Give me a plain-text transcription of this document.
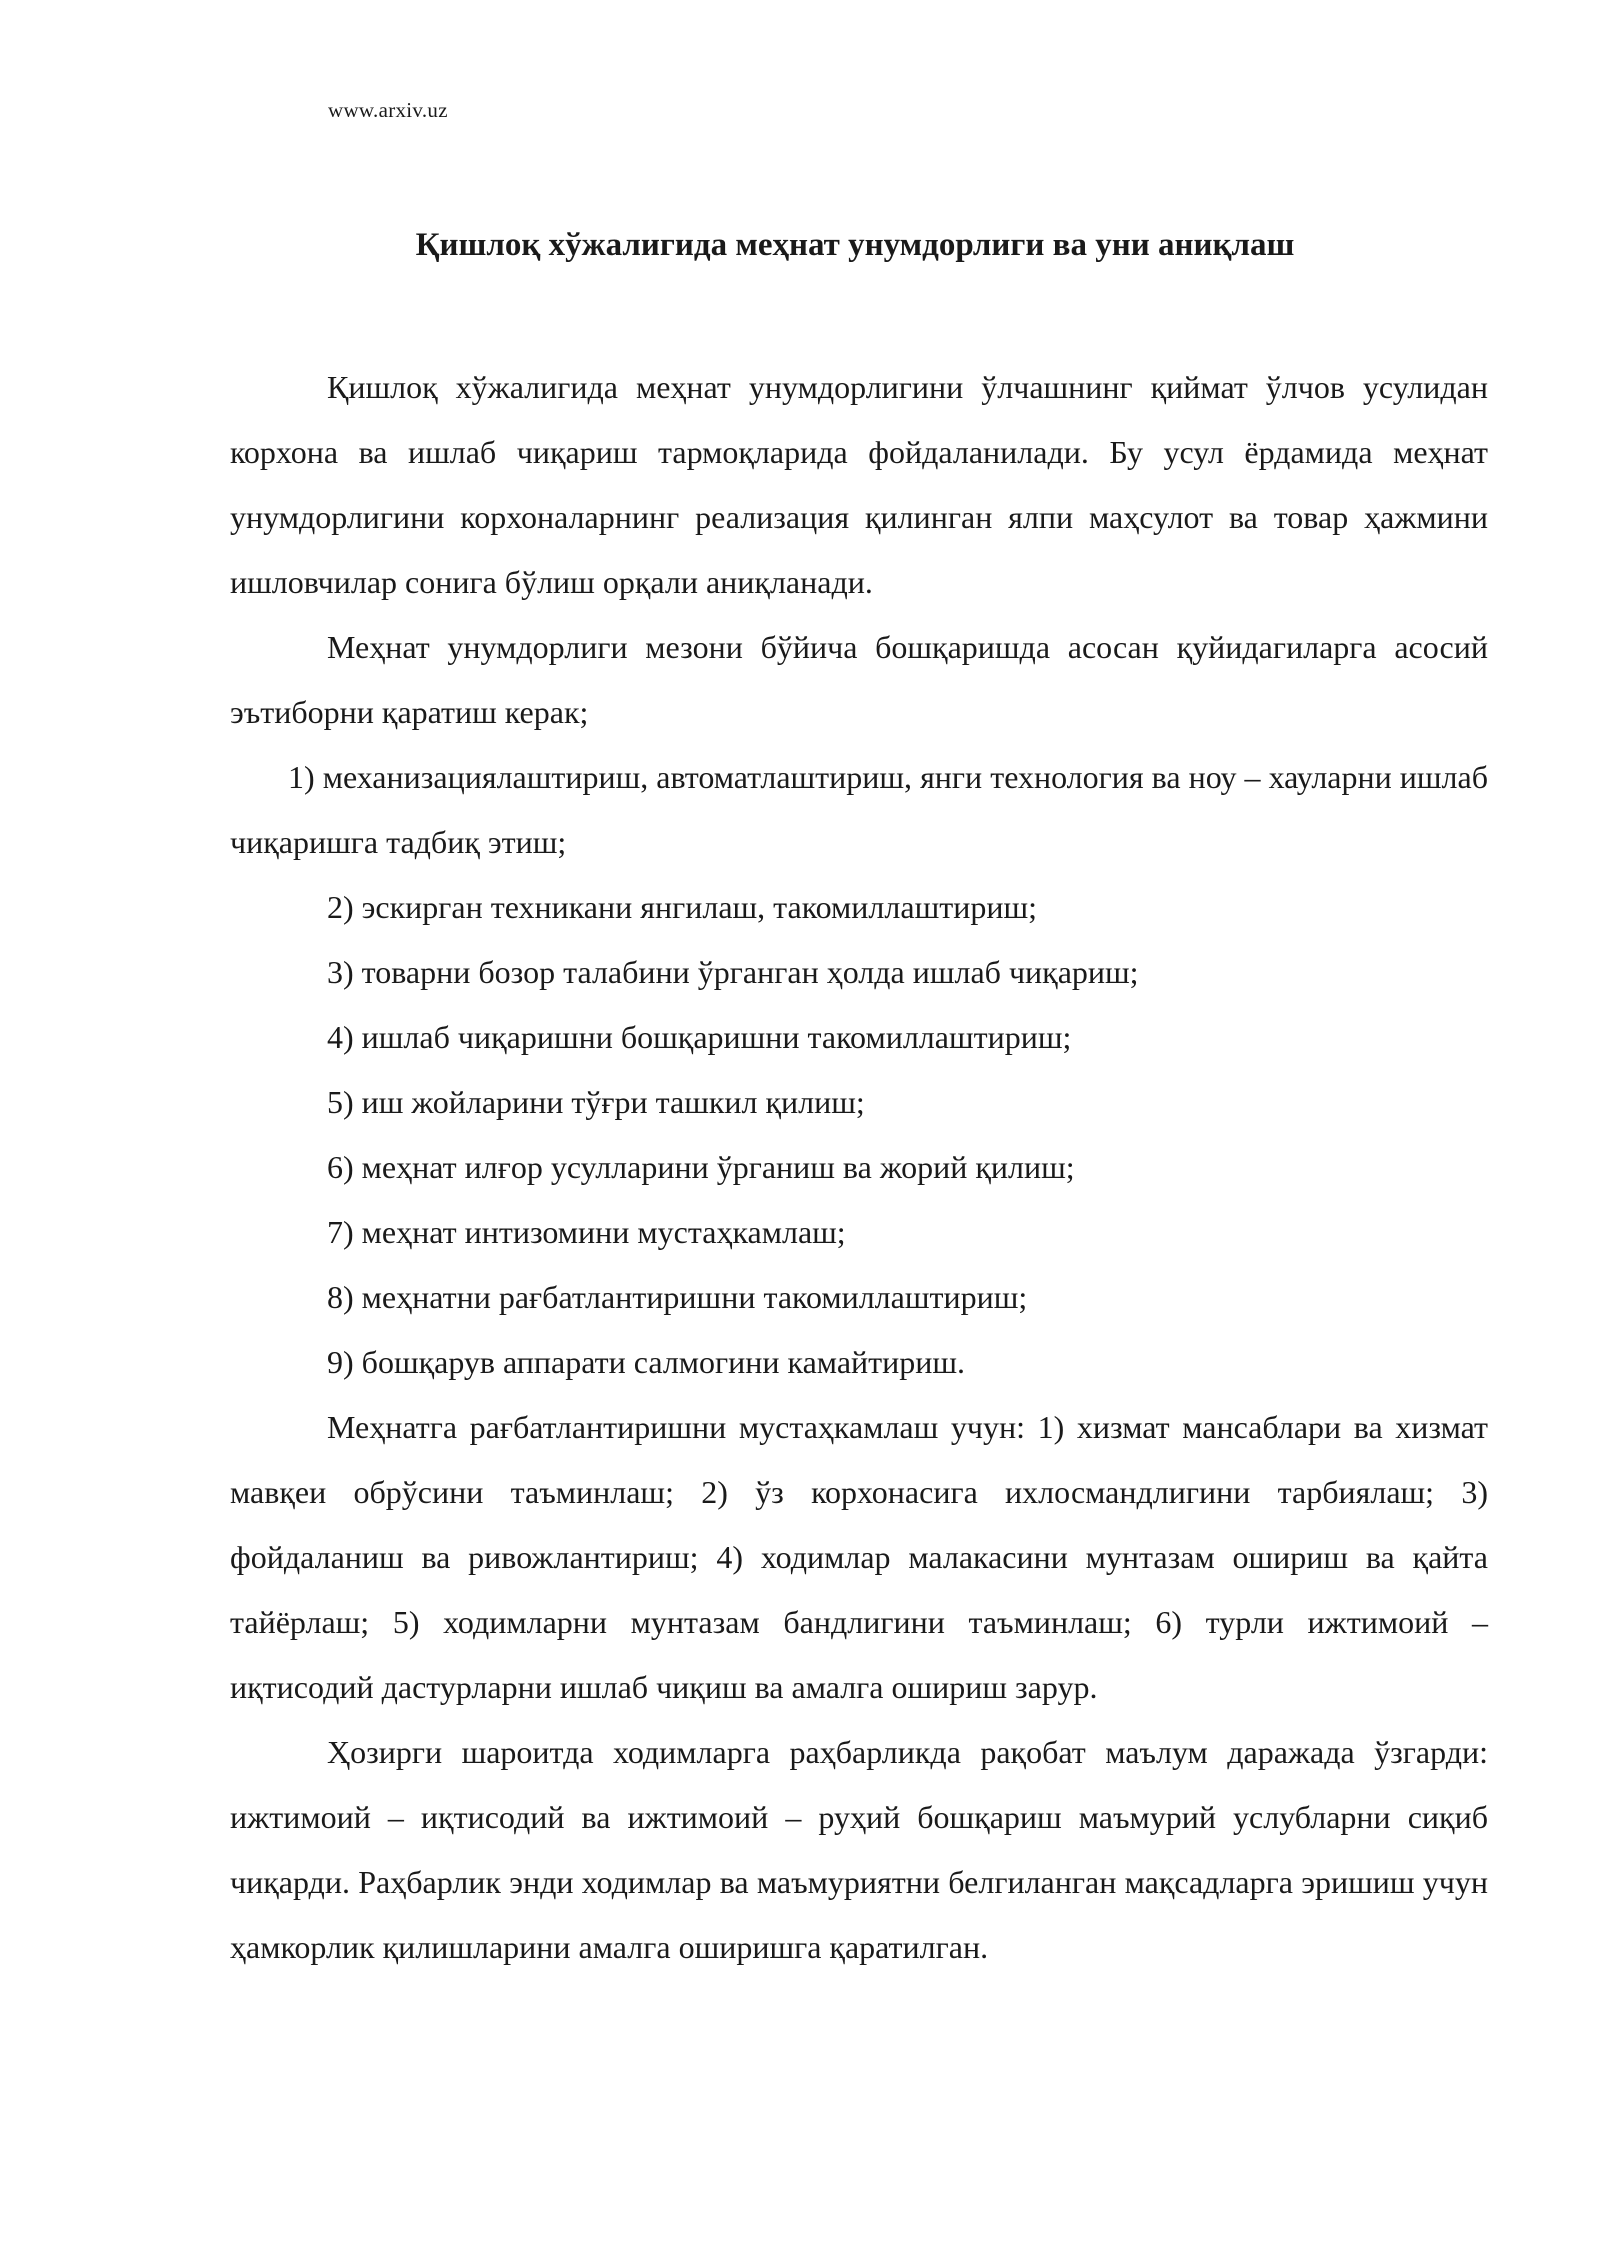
www.arxiv.uz
Қишлоқ хўжалигида меҳнат унумдорлиги ва уни аниқлаш

Қишлоқ хўжалигида меҳнат унумдорлигини ўлчашнинг қиймат ўлчов усулидан корхона ва ишлаб чиқариш тармоқларида фойдаланилади. Бу усул ёрдамида меҳнат унумдорлигини корхоналарнинг реализация қилинган ялпи маҳсулот ва товар ҳажмини ишловчилар сонига бўлиш орқали аниқланади.

Меҳнат унумдорлиги мезони бўйича бошқаришда асосан қуйидагиларга асосий эътиборни қаратиш керак;

1) механизациялаштириш, автоматлаштириш, янги технология ва ноу – хауларни ишлаб чиқаришга тадбиқ этиш;

2) эскирган техникани янгилаш, такомиллаштириш;

3) товарни бозор талабини ўрганган ҳолда ишлаб чиқариш;

4) ишлаб чиқаришни бошқаришни такомиллаштириш;

5) иш жойларини тўғри ташкил қилиш;

6) меҳнат илғор усулларини ўрганиш ва жорий қилиш;

7) меҳнат интизомини мустаҳкамлаш;

8) меҳнатни рағбатлантиришни такомиллаштириш;

9) бошқарув аппарати салмогини камайтириш.

Меҳнатга рағбатлантиришни мустаҳкамлаш учун: 1) хизмат мансаблари ва хизмат мавқеи обрўсини таъминлаш; 2) ўз корхонасига ихлосмандлигини тарбиялаш; 3) фойдаланиш ва ривожлантириш; 4) ходимлар малакасини мунтазам ошириш ва қайта тайёрлаш; 5) ходимларни мунтазам бандлигини таъминлаш; 6) турли ижтимоий – иқтисодий дастурларни ишлаб чиқиш ва амалга ошириш зарур.

Ҳозирги шароитда ходимларга раҳбарликда рақобат маълум даражада ўзгарди: ижтимоий – иқтисодий ва ижтимоий – руҳий бошқариш маъмурий услубларни сиқиб чиқарди. Раҳбарлик энди ходимлар ва маъмуриятни белгиланган мақсадларга эришиш учун ҳамкорлик қилишларини амалга оширишга қаратилган.
